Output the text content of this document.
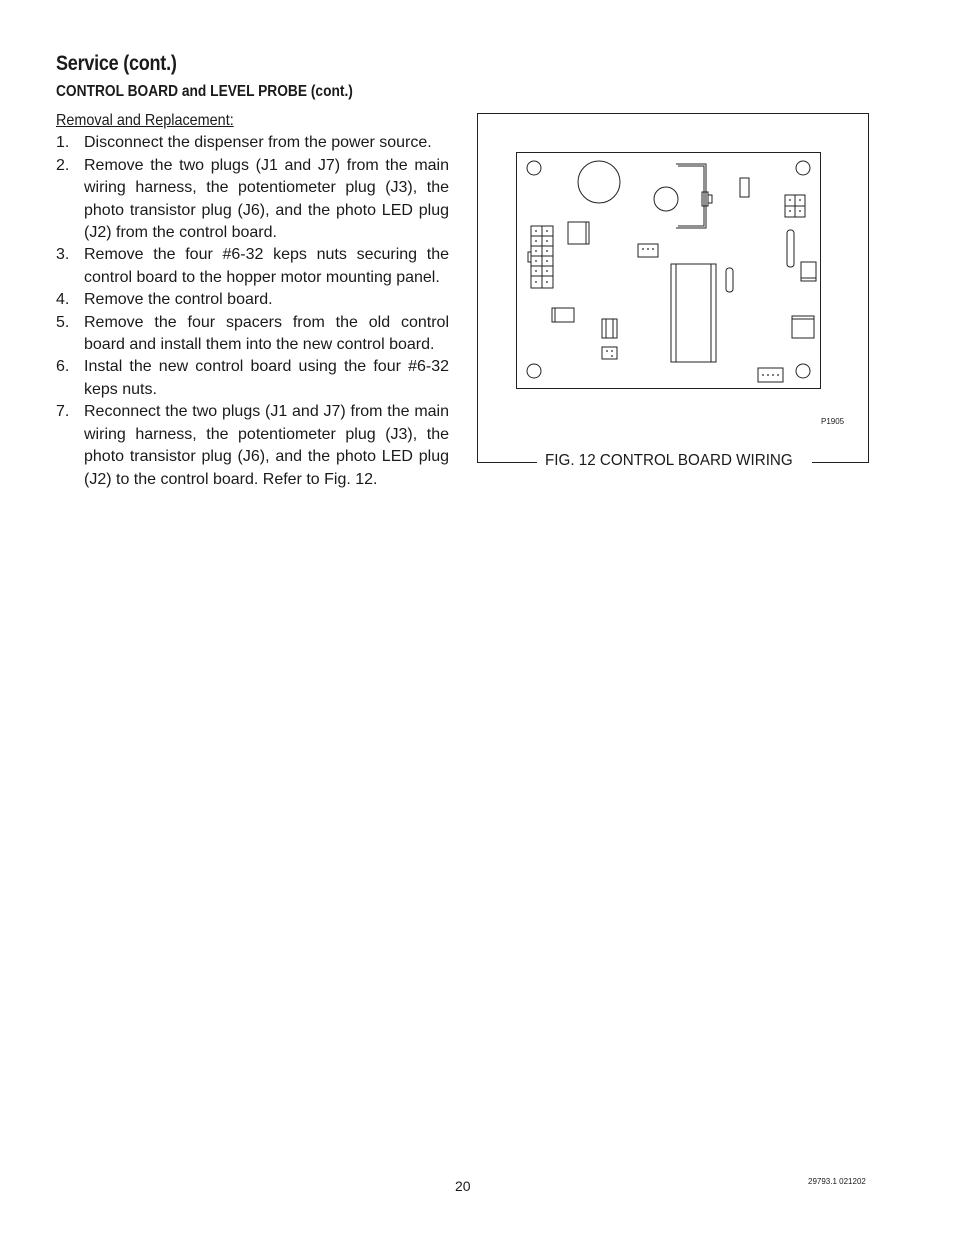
Service (cont.)
CONTROL BOARD and LEVEL PROBE (cont.)
Removal and Replacement:
1. Disconnect the dispenser from the power source.
2. Remove the two plugs (J1 and J7) from the main wiring harness, the potentiometer plug (J3), the photo transistor plug (J6), and the photo LED plug (J2) from the control board.
3. Remove the four #6-32 keps nuts securing the control board to the hopper motor mounting panel.
4. Remove the control board.
5. Remove the four spacers from the old control board and install them into the new control board.
6. Instal the new control board using the four #6-32 keps nuts.
7. Reconnect the two plugs (J1 and J7) from the main wiring harness, the potentiometer plug (J3), the photo transistor plug (J6), and the photo LED plug (J2) to the control board. Refer to Fig. 12.
P1905
FIG. 12 CONTROL BOARD WIRING
20	29793.1 021202
